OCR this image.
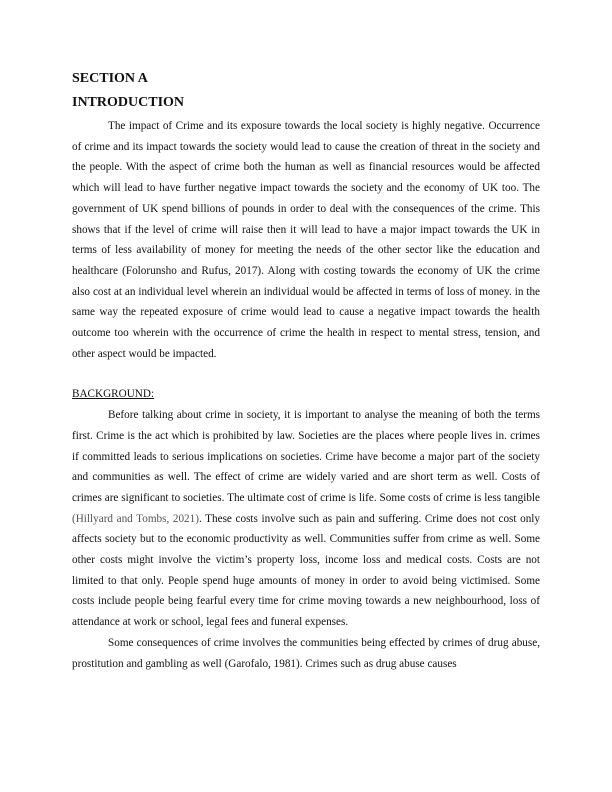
SECTION A
INTRODUCTION

The impact of Crime and its exposure towards the local society is highly negative. Occurrence of crime and its impact towards the society would lead to cause the creation of threat in the society and the people. With the aspect of crime both the human as well as financial resources would be affected which will lead to have further negative impact towards the society and the economy of UK too. The government of UK spend billions of pounds in order to deal with the consequences of the crime. This shows that if the level of crime will raise then it will lead to have a major impact towards the UK in terms of less availability of money for meeting the needs of the other sector like the education and healthcare (Folorunsho and Rufus, 2017). Along with costing towards the economy of UK the crime also cost at an individual level wherein an individual would be affected in terms of loss of money. in the same way the repeated exposure of crime would lead to cause a negative impact towards the health outcome too wherein with the occurrence of crime the health in respect to mental stress, tension, and other aspect would be impacted.

BACKGROUND:

Before talking about crime in society, it is important to analyse the meaning of both the terms first. Crime is the act which is prohibited by law. Societies are the places where people lives in. crimes if committed leads to serious implications on societies. Crime have become a major part of the society and communities as well. The effect of crime are widely varied and are short term as well. Costs of crimes are significant to societies. The ultimate cost of crime is life. Some costs of crime is less tangible (Hillyard and Tombs, 2021). These costs involve such as pain and suffering. Crime does not cost only affects society but to the economic productivity as well. Communities suffer from crime as well. Some other costs might involve the victim’s property loss, income loss and medical costs. Costs are not limited to that only. People spend huge amounts of money in order to avoid being victimised. Some costs include people being fearful every time for crime moving towards a new neighbourhood, loss of attendance at work or school, legal fees and funeral expenses.

Some consequences of crime involves the communities being effected by crimes of drug abuse, prostitution and gambling as well (Garofalo, 1981). Crimes such as drug abuse causes
